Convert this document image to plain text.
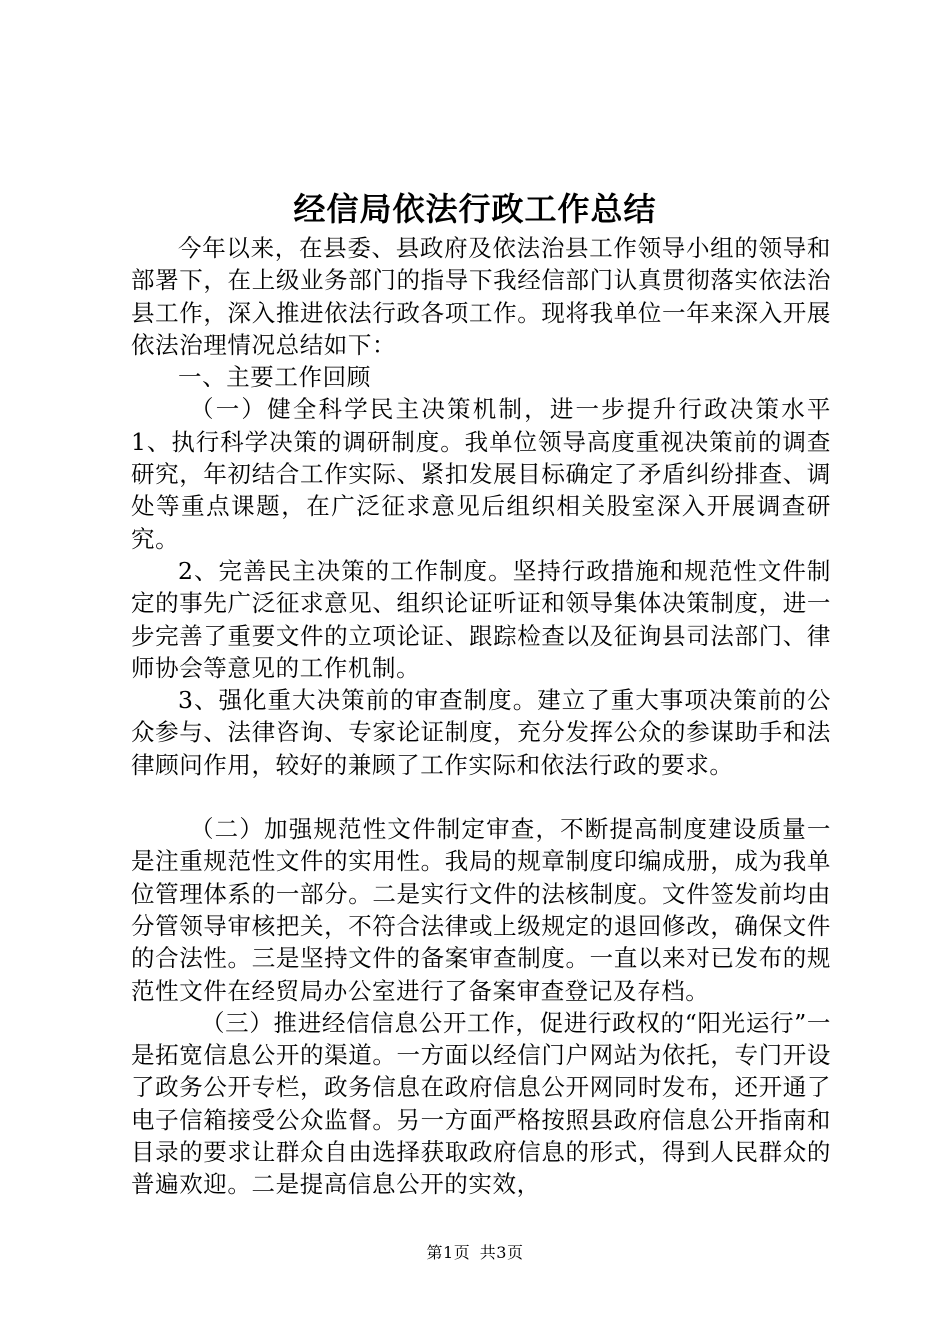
经信局依法行政工作总结

今年以来，在县委、县政府及依法治县工作领导小组的领导和部署下，在上级业务部门的指导下我经信部门认真贯彻落实依法治县工作，深入推进依法行政各项工作。现将我单位一年来深入开展依法治理情况总结如下：

一、主要工作回顾

（一）健全科学民主决策机制，进一步提升行政决策水平1、执行科学决策的调研制度。我单位领导高度重视决策前的调查研究，年初结合工作实际、紧扣发展目标确定了矛盾纠纷排查、调处等重点课题，在广泛征求意见后组织相关股室深入开展调查研究。

2、完善民主决策的工作制度。坚持行政措施和规范性文件制定的事先广泛征求意见、组织论证听证和领导集体决策制度，进一步完善了重要文件的立项论证、跟踪检查以及征询县司法部门、律师协会等意见的工作机制。

3、强化重大决策前的审查制度。建立了重大事项决策前的公众参与、法律咨询、专家论证制度，充分发挥公众的参谋助手和法律顾问作用，较好的兼顾了工作实际和依法行政的要求。

（二）加强规范性文件制定审查，不断提高制度建设质量一是注重规范性文件的实用性。我局的规章制度印编成册，成为我单位管理体系的一部分。二是实行文件的法核制度。文件签发前均由分管领导审核把关，不符合法律或上级规定的退回修改，确保文件的合法性。三是坚持文件的备案审查制度。一直以来对已发布的规范性文件在经贸局办公室进行了备案审查登记及存档。

（三）推进经信信息公开工作，促进行政权的“阳光运行”一是拓宽信息公开的渠道。一方面以经信门户网站为依托，专门开设了政务公开专栏，政务信息在政府信息公开网同时发布，还开通了电子信箱接受公众监督。另一方面严格按照县政府信息公开指南和目录的要求让群众自由选择获取政府信息的形式，得到人民群众的普遍欢迎。二是提高信息公开的实效，

第1页 共3页
